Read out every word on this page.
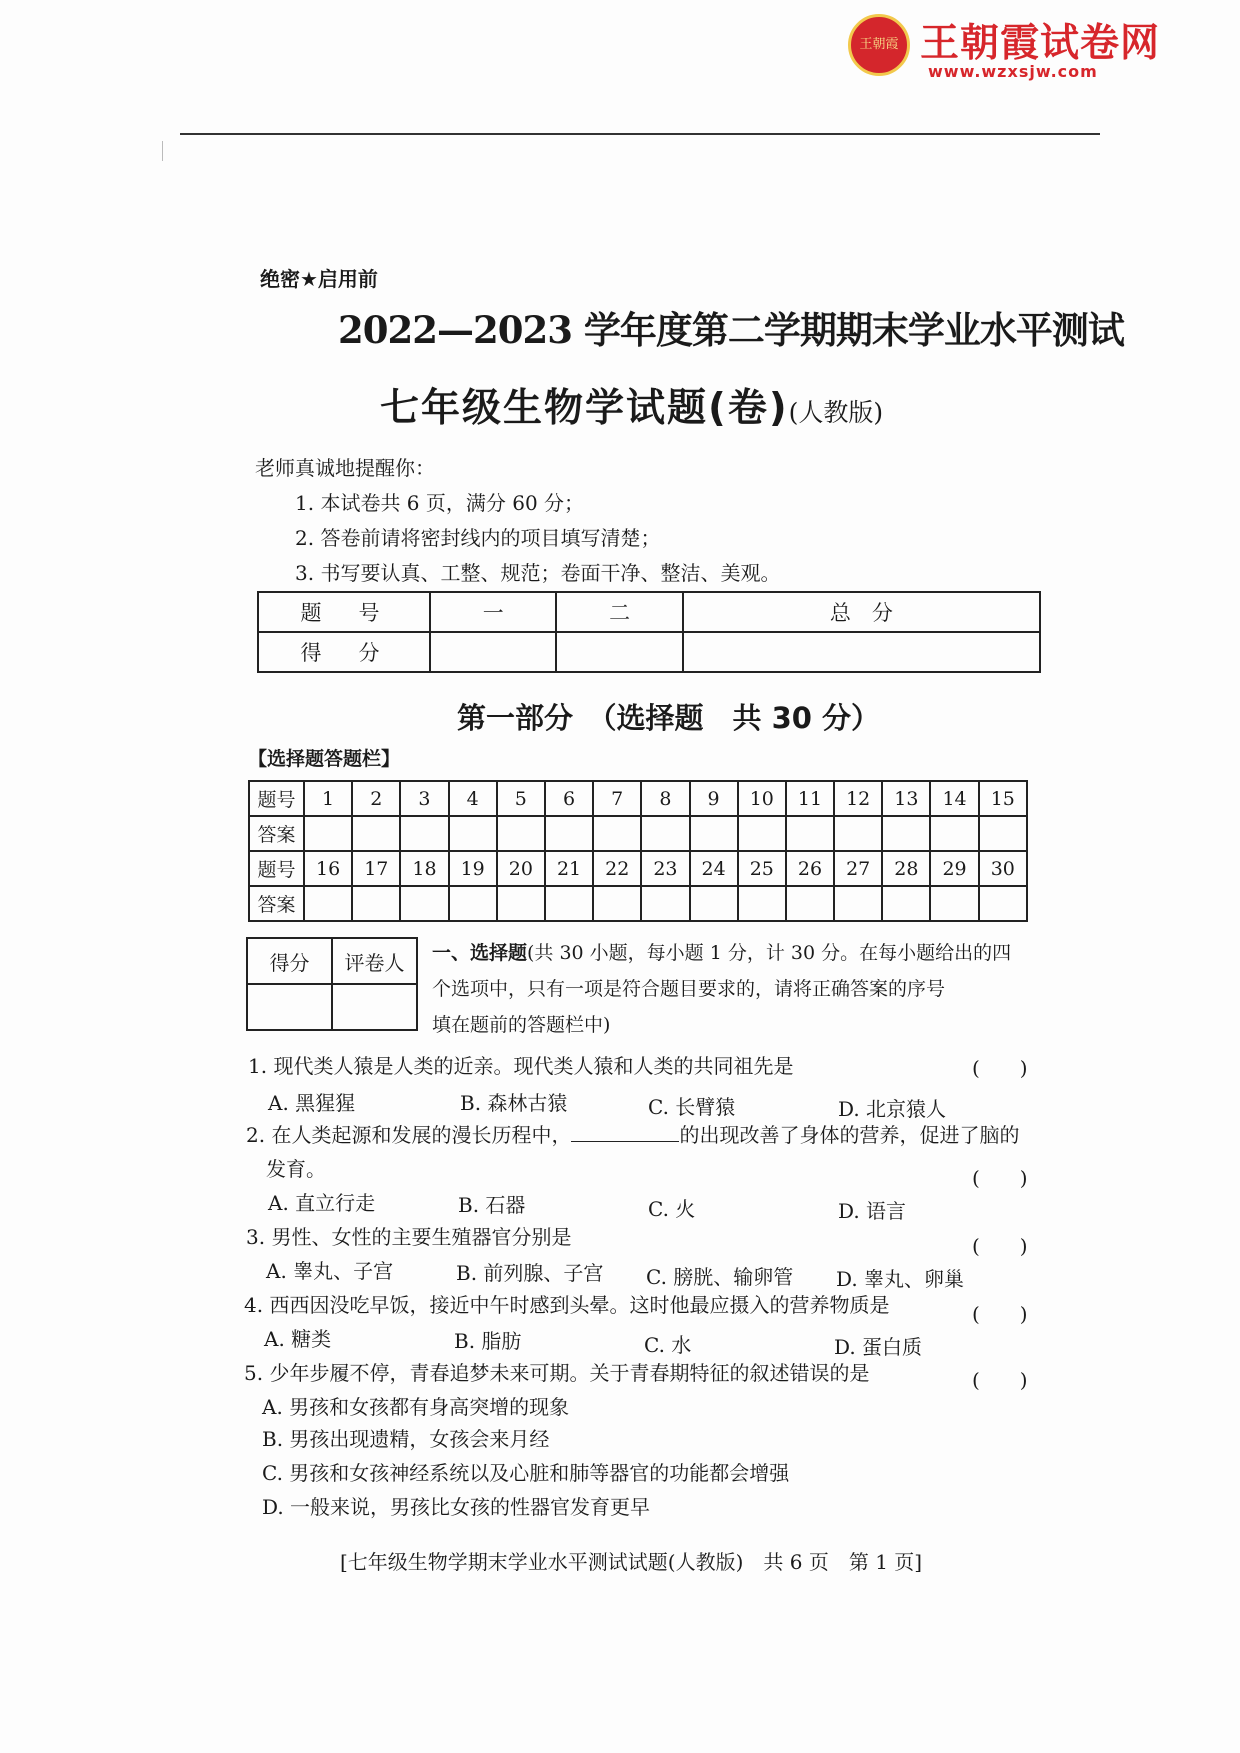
王朝霞 王朝霞试卷网
www.wzxsjw.com
绝密★启用前
2022—2023 学年度第二学期期末学业水平测试
七年级生物学试题(卷)(人教版)
老师真诚地提醒你：
1. 本试卷共 6 页，满分 60 分；
2. 答卷前请将密封线内的项目填写清楚；
3. 书写要认真、工整、规范；卷面干净、整洁、美观。
题　号	一	二	总　分
得　分			
第一部分　（选择题　共 30 分）
【选择题答题栏】
题号	1	2	3	4	5	6	7	8	9	10	11	12	13	14	15
答案															
题号	16	17	18	19	20	21	22	23	24	25	26	27	28	29	30
答案															
得分	评卷人
	一、选择题(共 30 小题，每小题 1 分，计 30 分。在每小题给出的四
个选项中，只有一项是符合题目要求的，请将正确答案的序号
填在题前的答题栏中)
1. 现代类人猿是人类的近亲。现代类人猿和人类的共同祖先是	(　　)
A. 黑猩猩	B. 森林古猿	C. 长臂猿	D. 北京猿人
2. 在人类起源和发展的漫长历程中，	的出现改善了身体的营养，促进了脑的
发育。	(　　)
A. 直立行走	B. 石器	C. 火	D. 语言
3. 男性、女性的主要生殖器官分别是	(　　)
A. 睾丸、子宫	B. 前列腺、子宫 C. 膀胱、输卵管 D. 睾丸、卵巢
4. 西西因没吃早饭，接近中午时感到头晕。这时他最应摄入的营养物质是	(　　)
A. 糖类	B. 脂肪	C. 水	D. 蛋白质
5. 少年步履不停，青春追梦未来可期。关于青春期特征的叙述错误的是	(　　)
A. 男孩和女孩都有身高突增的现象
B. 男孩出现遗精，女孩会来月经
C. 男孩和女孩神经系统以及心脏和肺等器官的功能都会增强
D. 一般来说，男孩比女孩的性器官发育更早
[七年级生物学期末学业水平测试试题(人教版)　共 6 页　第 1 页]
